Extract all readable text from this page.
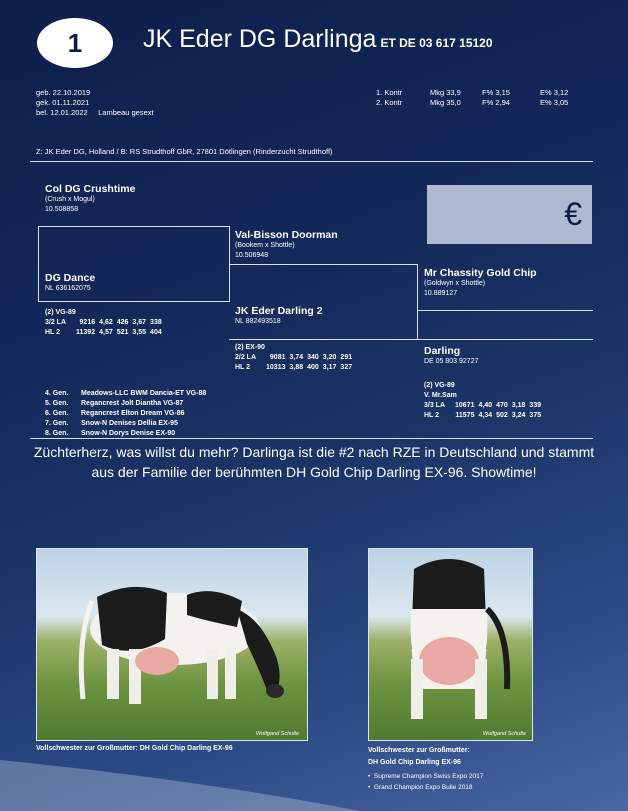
1 JK Eder DG Darlinga ET DE 03 617 15120
geb. 22.10.2019
gek. 01.11.2021
bel. 12.01.2022 Lambeau gesext
1. Kontr	Mkg 33,9	F% 3,15	E% 3,12
2. Kontr	Mkg 35,0	F% 2,94	E% 3,05
Z: JK Eder DG, Holland / B: RS Strudthoff GbR, 27801 Dötlingen (Rinderzucht Strudthoff)
€
Col DG Crushtime
(Crush x Mogul)
10.508858
Val-Bisson Doorman
(Bookem x Shottle)
10.506948
Mr Chassity Gold Chip
(Goldwyn x Shottle)
10.889127
DG Dance
NL 636162075
(2) VG-89
3/2 LA	9216	4,62	426	3,67	338
HL 2	11392	4,57	521	3,55	404
JK Eder Darling 2
NL 882493518
(2) EX-90
2/2 LA	9081	3,74	340	3,20	291
HL 2	10313	3,88	400	3,17	327
Darling
DE 05 803 92727
(2) VG-89
V. Mr.Sam
3/3 LA	10671	4,40	470	3,18	339
HL 2	11575	4,34	502	3,24	375
4. Gen. Meadows-LLC BWM Dancia-ET VG-88
5. Gen. Regancrest Jolt Diantha VG-87
6. Gen. Regancrest Elton Dream VG-86
7. Gen. Snow-N Denises Dellia EX-95
8. Gen. Snow-N Dorys Denise EX-90
Züchterherz, was willst du mehr? Darlinga ist die #2 nach RZE in Deutschland und stammt aus der Familie der berühmten DH Gold Chip Darling EX-96. Showtime!
Wolfgand Schulte
Vollschwester zur Großmutter: DH Gold Chip Darling EX-96
Wolfgand Schulte
Vollschwester zur Großmutter:
DH Gold Chip Darling EX-96
•  Supreme Champion Swiss Expo 2017
•  Grand Champion Expo Bulle 2018
